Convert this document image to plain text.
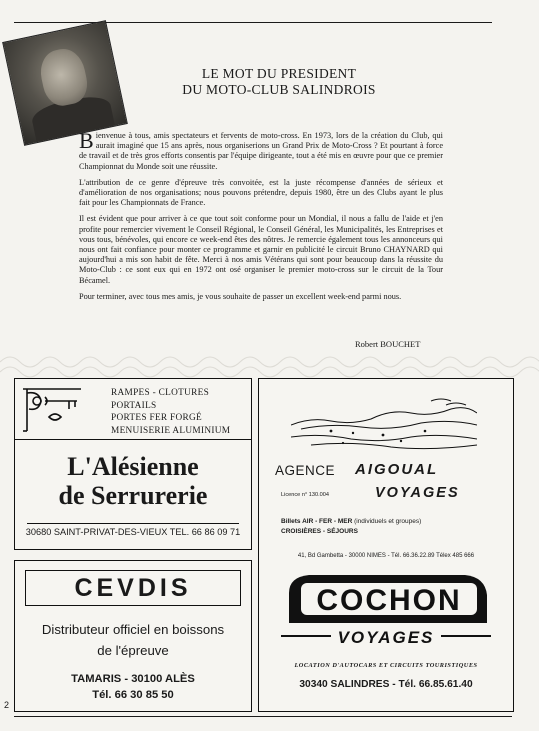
LE MOT DU PRESIDENT
DU MOTO-CLUB SALINDROIS

Bienvenue à tous, amis spectateurs et fervents de moto-cross. En 1973, lors de la création du Club, qui aurait imaginé que 15 ans après, nous organiserions un Grand Prix de Moto-Cross ? Et pourtant à force de travail et de très gros efforts consentis par l'équipe dirigeante, tout a été mis en œuvre pour que ce premier Championnat du Monde soit une réussite.

L'attribution de ce genre d'épreuve très convoitée, est la juste récompense d'années de sérieux et d'amélioration de nos organisations; nous pouvons prétendre, depuis 1980, être un des Clubs ayant le plus fait pour les Championnats de France.

Il est évident que pour arriver à ce que tout soit conforme pour un Mondial, il nous a fallu de l'aide et j'en profite pour remercier vivement le Conseil Régional, le Conseil Général, les Municipalités, les Entreprises et vous tous, bénévoles, qui encore ce week-end êtes des nôtres. Je remercie également tous les annonceurs qui nous ont fait confiance pour monter ce programme et garnir en publicité le circuit Bruno CHAYNARD qui aujourd'hui a mis son habit de fête. Merci à nos amis Vétérans qui sont pour beaucoup dans la réussite du Moto-Club : ce sont eux qui en 1972 ont osé organiser le premier moto-cross sur le circuit de la Tour Bécamel.

Pour terminer, avec tous mes amis, je vous souhaite de passer un excellent week-end parmi nous.

Robert BOUCHET
RAMPES - CLOTURES
PORTAILS
PORTES FER FORGÉ
MENUISERIE ALUMINIUM
L'Alésienne
de Serrurerie
30680 SAINT-PRIVAT-DES-VIEUX TEL. 66 86 09 71
CEVDIS
Distributeur officiel en boissons
de l'épreuve
TAMARIS - 30100 ALÈS
Tél. 66 30 85 50
AGENCE AIGOUAL
Licence n° 130.004	VOYAGES
Billets AIR - FER - MER (individuels et groupes)
CROISIÈRES - SÉJOURS
41, Bd Gambetta - 30000 NIMES - Tél. 66.36.22.89 Télex 485 666
COCHON
VOYAGES
LOCATION D'AUTOCARS ET CIRCUITS TOURISTIQUES
30340 SALINDRES - Tél. 66.85.61.40
2
